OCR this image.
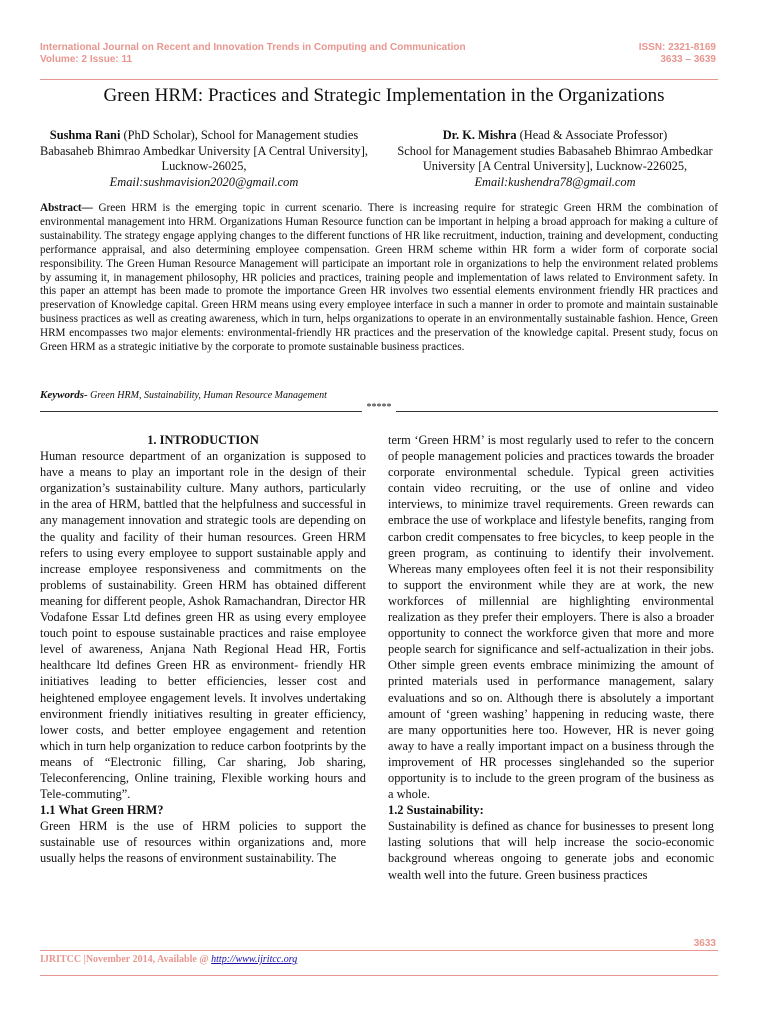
International Journal on Recent and Innovation Trends in Computing and Communication
Volume: 2 Issue: 11
ISSN: 2321-8169
3633 – 3639
Green HRM: Practices and Strategic Implementation in the Organizations
Sushma Rani (PhD Scholar), School for Management studies
Babasaheb Bhimrao Ambedkar University [A Central University], Lucknow-26025,
Email:sushmavision2020@gmail.com
Dr. K. Mishra (Head & Associate Professor)
School for Management studies Babasaheb Bhimrao Ambedkar University [A Central University], Lucknow-226025, Email:kushendra78@gmail.com
Abstract— Green HRM is the emerging topic in current scenario. There is increasing require for strategic Green HRM the combination of environmental management into HRM. Organizations Human Resource function can be important in helping a broad approach for making a culture of sustainability. The strategy engage applying changes to the different functions of HR like recruitment, induction, training and development, conducting performance appraisal, and also determining employee compensation. Green HRM scheme within HR form a wider form of corporate social responsibility. The Green Human Resource Management will participate an important role in organizations to help the environment related problems by assuming it, in management philosophy, HR policies and practices, training people and implementation of laws related to Environment safety. In this paper an attempt has been made to promote the importance Green HR involves two essential elements environment friendly HR practices and preservation of Knowledge capital. Green HRM means using every employee interface in such a manner in order to promote and maintain sustainable business practices as well as creating awareness, which in turn, helps organizations to operate in an environmentally sustainable fashion. Hence, Green HRM encompasses two major elements: environmental-friendly HR practices and the preservation of the knowledge capital. Present study, focus on Green HRM as a strategic initiative by the corporate to promote sustainable business practices.
Keywords- Green HRM, Sustainability, Human Resource Management
*****

1. INTRODUCTION

Human resource department of an organization is supposed to have a means to play an important role in the design of their organization’s sustainability culture. Many authors, particularly in the area of HRM, battled that the helpfulness and successful in any management innovation and strategic tools are depending on the quality and facility of their human resources. Green HRM refers to using every employee to support sustainable apply and increase employee responsiveness and commitments on the problems of sustainability. Green HRM has obtained different meaning for different people, Ashok Ramachandran, Director HR Vodafone Essar Ltd defines green HR as using every employee touch point to espouse sustainable practices and raise employee level of awareness, Anjana Nath Regional Head HR, Fortis healthcare ltd defines Green HR as environment- friendly HR initiatives leading to better efficiencies, lesser cost and heightened employee engagement levels. It involves undertaking environment friendly initiatives resulting in greater efficiency, lower costs, and better employee engagement and retention which in turn help organization to reduce carbon footprints by the means of “Electronic filling, Car sharing, Job sharing, Teleconferencing, Online training, Flexible working hours and Tele-commuting”.

1.1 What Green HRM?

Green HRM is the use of HRM policies to support the sustainable use of resources within organizations and, more usually helps the reasons of environment sustainability. The

term ‘Green HRM’ is most regularly used to refer to the concern of people management policies and practices towards the broader corporate environmental schedule. Typical green activities contain video recruiting, or the use of online and video interviews, to minimize travel requirements. Green rewards can embrace the use of workplace and lifestyle benefits, ranging from carbon credit compensates to free bicycles, to keep people in the green program, as continuing to identify their involvement. Whereas many employees often feel it is not their responsibility to support the environment while they are at work, the new workforces of millennial are highlighting environmental realization as they prefer their employers. There is also a broader opportunity to connect the workforce given that more and more people search for significance and self-actualization in their jobs. Other simple green events embrace minimizing the amount of printed materials used in performance management, salary evaluations and so on. Although there is absolutely a important amount of ‘green washing’ happening in reducing waste, there are many opportunities here too. However, HR is never going away to have a really important impact on a business through the improvement of HR processes singlehanded so the superior opportunity is to include to the green program of the business as a whole.

1.2 Sustainability:

Sustainability is defined as chance for businesses to present long lasting solutions that will help increase the socio-economic background whereas ongoing to generate jobs and economic wealth well into the future. Green business practices

3633
IJRITCC |November 2014, Available @ http://www.ijritcc.org
